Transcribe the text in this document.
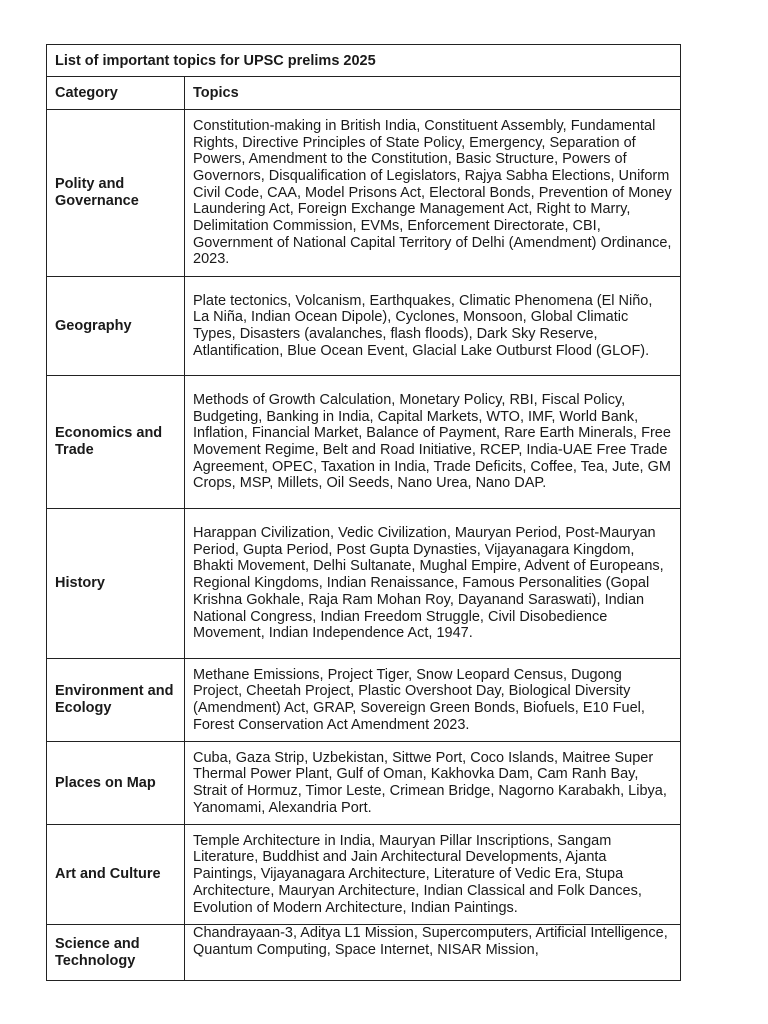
List of important topics for UPSC prelims 2025	
Category	Topics
Polity and Governance	Constitution-making in British India, Constituent Assembly, Fundamental Rights, Directive Principles of State Policy, Emergency, Separation of Powers, Amendment to the Constitution, Basic Structure, Powers of Governors, Disqualification of Legislators, Rajya Sabha Elections, Uniform Civil Code, CAA, Model Prisons Act, Electoral Bonds, Prevention of Money Laundering Act, Foreign Exchange Management Act, Right to Marry, Delimitation Commission, EVMs, Enforcement Directorate, CBI, Government of National Capital Territory of Delhi (Amendment) Ordinance, 2023.
Geography	Plate tectonics, Volcanism, Earthquakes, Climatic Phenomena (El Niño, La Niña, Indian Ocean Dipole), Cyclones, Monsoon, Global Climatic Types, Disasters (avalanches, flash floods), Dark Sky Reserve, Atlantification, Blue Ocean Event, Glacial Lake Outburst Flood (GLOF).
Economics and Trade	Methods of Growth Calculation, Monetary Policy, RBI, Fiscal Policy, Budgeting, Banking in India, Capital Markets, WTO, IMF, World Bank, Inflation, Financial Market, Balance of Payment, Rare Earth Minerals, Free Movement Regime, Belt and Road Initiative, RCEP, India-UAE Free Trade Agreement, OPEC, Taxation in India, Trade Deficits, Coffee, Tea, Jute, GM Crops, MSP, Millets, Oil Seeds, Nano Urea, Nano DAP.
History	Harappan Civilization, Vedic Civilization, Mauryan Period, Post-Mauryan Period, Gupta Period, Post Gupta Dynasties, Vijayanagara Kingdom, Bhakti Movement, Delhi Sultanate, Mughal Empire, Advent of Europeans, Regional Kingdoms, Indian Renaissance, Famous Personalities (Gopal Krishna Gokhale, Raja Ram Mohan Roy, Dayanand Saraswati), Indian National Congress, Indian Freedom Struggle, Civil Disobedience Movement, Indian Independence Act, 1947.
Environment and Ecology	Methane Emissions, Project Tiger, Snow Leopard Census, Dugong Project, Cheetah Project, Plastic Overshoot Day, Biological Diversity (Amendment) Act, GRAP, Sovereign Green Bonds, Biofuels, E10 Fuel, Forest Conservation Act Amendment 2023.
Places on Map	Cuba, Gaza Strip, Uzbekistan, Sittwe Port, Coco Islands, Maitree Super Thermal Power Plant, Gulf of Oman, Kakhovka Dam, Cam Ranh Bay, Strait of Hormuz, Timor Leste, Crimean Bridge, Nagorno Karabakh, Libya, Yanomami, Alexandria Port.
Art and Culture	Temple Architecture in India, Mauryan Pillar Inscriptions, Sangam Literature, Buddhist and Jain Architectural Developments, Ajanta Paintings, Vijayanagara Architecture, Literature of Vedic Era, Stupa Architecture, Mauryan Architecture, Indian Classical and Folk Dances, Evolution of Modern Architecture, Indian Paintings.
Science and Technology	Chandrayaan-3, Aditya L1 Mission, Supercomputers, Artificial Intelligence, Quantum Computing, Space Internet, NISAR Mission,
